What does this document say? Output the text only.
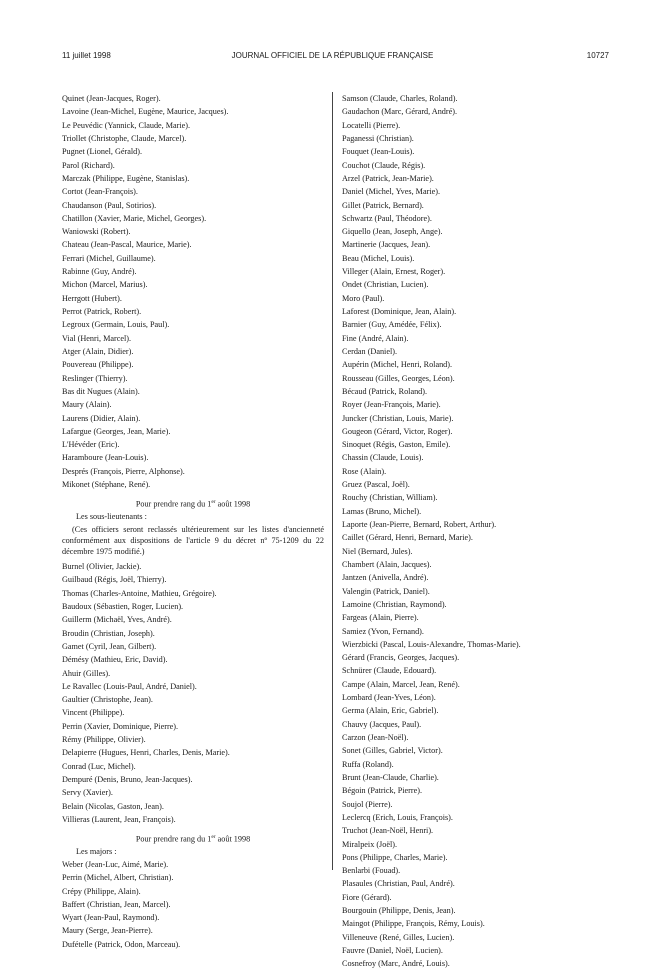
11 juillet 1998	JOURNAL OFFICIEL DE LA RÉPUBLIQUE FRANÇAISE	10727
Quinet (Jean-Jacques, Roger).
Lavoine (Jean-Michel, Eugène, Maurice, Jacques).
Le Peuvédic (Yannick, Claude, Marie).
Triollet (Christophe, Claude, Marcel).
Pugnet (Lionel, Gérald).
Parol (Richard).
Marczak (Philippe, Eugène, Stanislas).
Cortot (Jean-François).
Chaudanson (Paul, Sotirios).
Chatillon (Xavier, Marie, Michel, Georges).
Waniowski (Robert).
Chateau (Jean-Pascal, Maurice, Marie).
Ferrari (Michel, Guillaume).
Rabinne (Guy, André).
Michon (Marcel, Marius).
Herrgott (Hubert).
Perrot (Patrick, Robert).
Legroux (Germain, Louis, Paul).
Vial (Henri, Marcel).
Atger (Alain, Didier).
Pouvereau (Philippe).
Reslinger (Thierry).
Bas dit Nugues (Alain).
Maury (Alain).
Laurens (Didier, Alain).
Lafargue (Georges, Jean, Marie).
L'Hévéder (Eric).
Haramboure (Jean-Louis).
Després (François, Pierre, Alphonse).
Mikonet (Stéphane, René).
Pour prendre rang du 1er août 1998
Les sous-lieutenants :
(Ces officiers seront reclassés ultérieurement sur les listes d'ancienneté conformément aux dispositions de l'article 9 du décret nº 75-1209 du 22 décembre 1975 modifié.)
Burnel (Olivier, Jackie).
Guilbaud (Régis, Joël, Thierry).
Thomas (Charles-Antoine, Mathieu, Grégoire).
Baudoux (Sébastien, Roger, Lucien).
Guillerm (Michaël, Yves, André).
Broudin (Christian, Joseph).
Gamet (Cyril, Jean, Gilbert).
Démésy (Mathieu, Eric, David).
Ahuir (Gilles).
Le Ravallec (Louis-Paul, André, Daniel).
Gaultier (Christophe, Jean).
Vincent (Philippe).
Perrin (Xavier, Dominique, Pierre).
Rémy (Philippe, Olivier).
Delapierre (Hugues, Henri, Charles, Denis, Marie).
Conrad (Luc, Michel).
Dempuré (Denis, Bruno, Jean-Jacques).
Servy (Xavier).
Belain (Nicolas, Gaston, Jean).
Villieras (Laurent, Jean, François).
Pour prendre rang du 1er août 1998
Les majors :
Weber (Jean-Luc, Aimé, Marie).
Perrin (Michel, Albert, Christian).
Crépy (Philippe, Alain).
Baffert (Christian, Jean, Marcel).
Wyart (Jean-Paul, Raymond).
Maury (Serge, Jean-Pierre).
Dufételle (Patrick, Odon, Marceau).
Samson (Claude, Charles, Roland).
Gaudachon (Marc, Gérard, André).
Locatelli (Pierre).
Paganessi (Christian).
Fouquet (Jean-Louis).
Couchot (Claude, Régis).
Arzel (Patrick, Jean-Marie).
Daniel (Michel, Yves, Marie).
Gillet (Patrick, Bernard).
Schwartz (Paul, Théodore).
Giquello (Jean, Joseph, Ange).
Martinerie (Jacques, Jean).
Beau (Michel, Louis).
Villeger (Alain, Ernest, Roger).
Ondet (Christian, Lucien).
Moro (Paul).
Laforest (Dominique, Jean, Alain).
Barnier (Guy, Amédée, Félix).
Fine (André, Alain).
Cerdan (Daniel).
Aupérin (Michel, Henri, Roland).
Rousseau (Gilles, Georges, Léon).
Bécaud (Patrick, Roland).
Royer (Jean-François, Marie).
Juncker (Christian, Louis, Marie).
Gougeon (Gérard, Victor, Roger).
Sinoquet (Régis, Gaston, Emile).
Chassin (Claude, Louis).
Rose (Alain).
Gruez (Pascal, Joël).
Rouchy (Christian, William).
Lamas (Bruno, Michel).
Laporte (Jean-Pierre, Bernard, Robert, Arthur).
Caillet (Gérard, Henri, Bernard, Marie).
Niel (Bernard, Jules).
Chambert (Alain, Jacques).
Jantzen (Anivella, André).
Valengin (Patrick, Daniel).
Lamoine (Christian, Raymond).
Fargeas (Alain, Pierre).
Samiez (Yvon, Fernand).
Wierzbicki (Pascal, Louis-Alexandre, Thomas-Marie).
Gérard (Francis, Georges, Jacques).
Schnürer (Claude, Edouard).
Campe (Alain, Marcel, Jean, René).
Lombard (Jean-Yves, Léon).
Germa (Alain, Eric, Gabriel).
Chauvy (Jacques, Paul).
Carzon (Jean-Noël).
Sonet (Gilles, Gabriel, Victor).
Ruffa (Roland).
Brunt (Jean-Claude, Charlie).
Bégoin (Patrick, Pierre).
Soujol (Pierre).
Leclercq (Erich, Louis, François).
Truchot (Jean-Noël, Henri).
Miralpeix (Joël).
Pons (Philippe, Charles, Marie).
Benlarbi (Fouad).
Plasaules (Christian, Paul, André).
Fiore (Gérard).
Bourgouin (Philippe, Denis, Jean).
Maingot (Philippe, François, Rémy, Louis).
Villeneuve (René, Gilles, Lucien).
Fauvre (Daniel, Noël, Lucien).
Cosnefroy (Marc, André, Louis).
